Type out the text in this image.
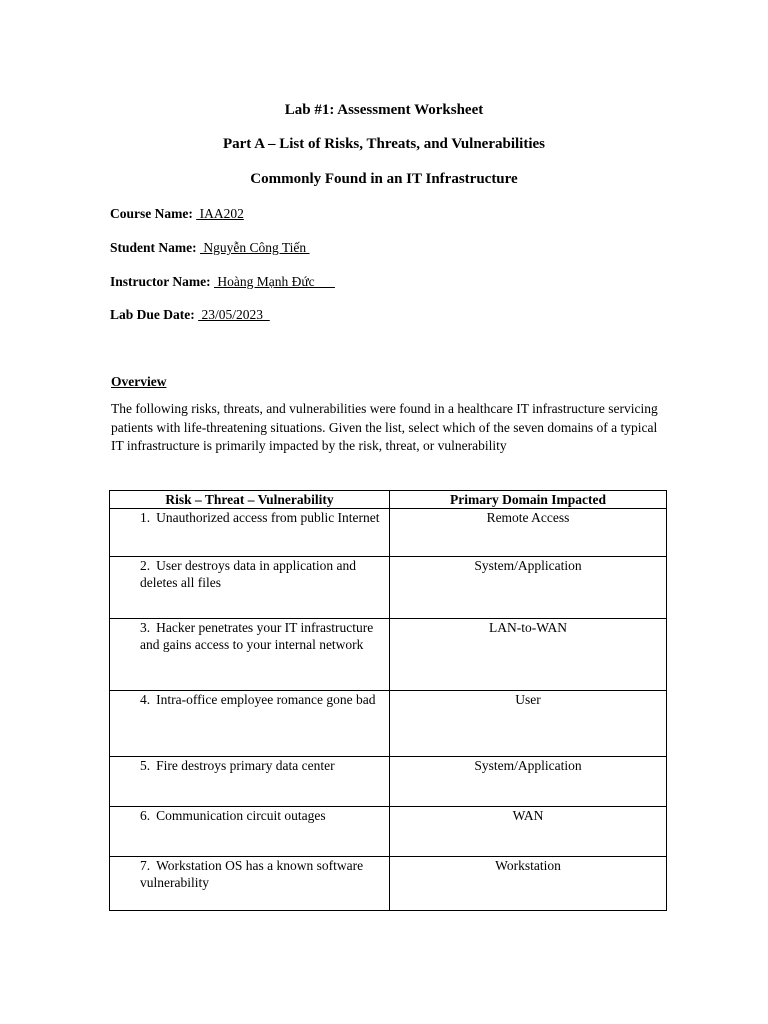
Lab #1: Assessment Worksheet
Part A – List of Risks, Threats, and Vulnerabilities
Commonly Found in an IT Infrastructure
Course Name:  IAA202
Student Name:  Nguyễn Công Tiến
Instructor Name:  Hoàng Mạnh Đức
Lab Due Date:  23/05/2023
Overview
The following risks, threats, and vulnerabilities were found in a healthcare IT infrastructure servicing patients with life-threatening situations. Given the list, select which of the seven domains of a typical IT infrastructure is primarily impacted by the risk, threat, or vulnerability
Risk – Threat – Vulnerability	Primary Domain Impacted
1. Unauthorized access from public Internet	Remote Access
2. User destroys data in application and deletes all files	System/Application
3. Hacker penetrates your IT infrastructure and gains access to your internal network	LAN-to-WAN
4. Intra-office employee romance gone bad	User
5. Fire destroys primary data center	System/Application
6. Communication circuit outages	WAN
7. Workstation OS has a known software vulnerability	Workstation
